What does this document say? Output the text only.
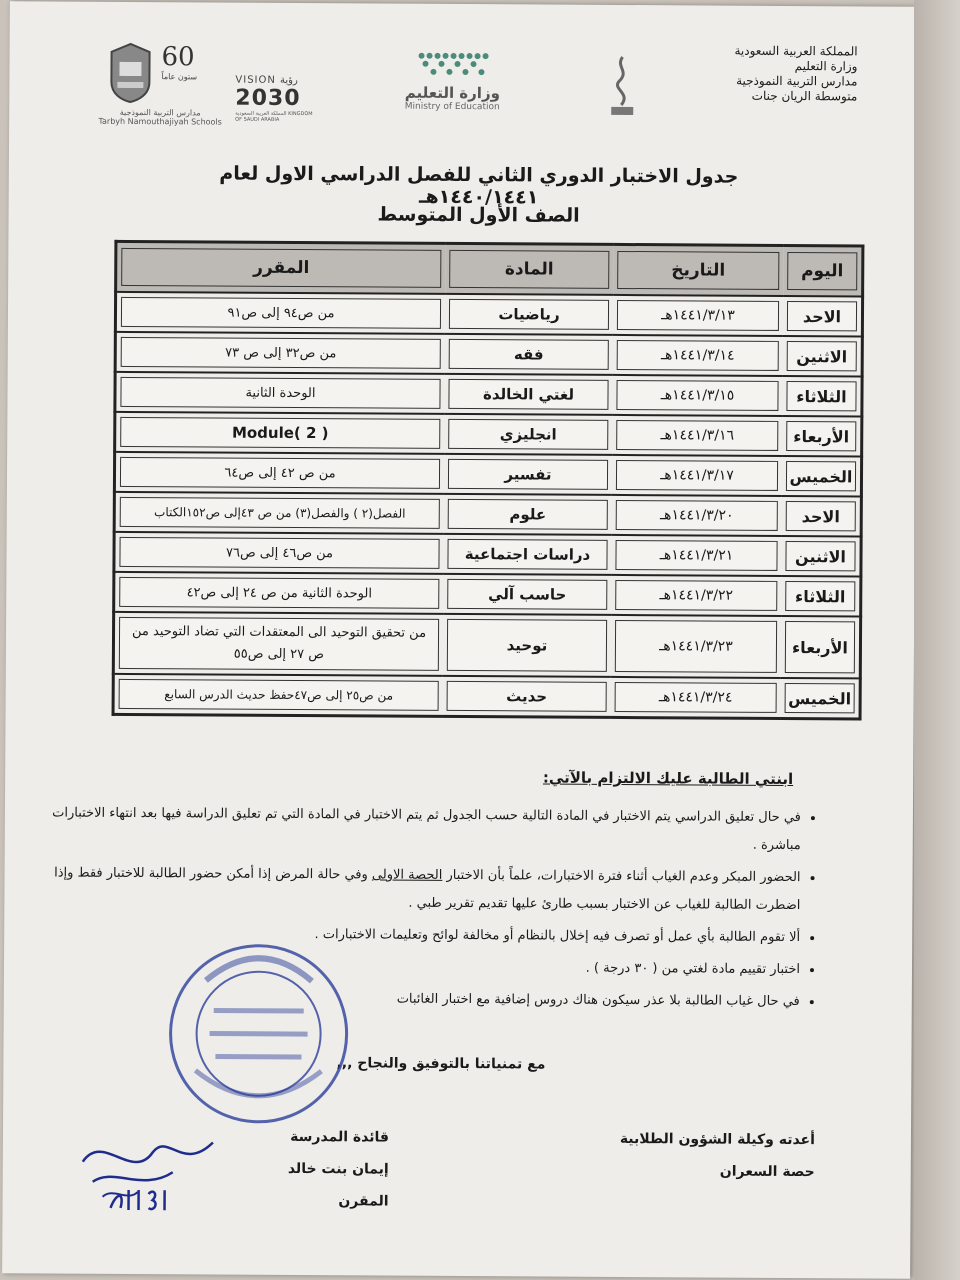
المملكة العربية السعودية
وزارة التعليم
مدارس التربية النموذجية
متوسطة الريان جنات
وزارة التعليم
Ministry of Education
VISION رؤية
2030
المملكة العربية السعودية KINGDOM OF SAUDI ARABIA
60
ستون عاماً
مدارس التربية النموذجية
Tarbyh Namouthajiyah Schools
جدول الاختبار الدوري الثاني للفصل الدراسي الاول لعام ١٤٤٠/١٤٤١هـ
الصف الأول المتوسط
اليوم	التاريخ	المادة	المقرر

الاحد	١٤٤١/٣/١٣هـ	رياضيات	من ص٩٤ إلى ص٩١

الاثنين	١٤٤١/٣/١٤هـ	فقه	من ص٣٢ إلى ص ٧٣

الثلاثاء	١٤٤١/٣/١٥هـ	لغتي الخالدة	الوحدة الثانية

الأربعاء	١٤٤١/٣/١٦هـ	انجليزي	Module( 2 )

الخميس	١٤٤١/٣/١٧هـ	تفسير	من ص ٤٢ إلى ص٦٤

الاحد	١٤٤١/٣/٢٠هـ	علوم	الفصل(٢ ) والفصل(٣) من ص ٤٣إلى ص١٥٢الكتاب

الاثنين	١٤٤١/٣/٢١هـ	دراسات اجتماعية	من ص٤٦ إلى ص٧٦

الثلاثاء	١٤٤١/٣/٢٢هـ	حاسب آلي	الوحدة الثانية من ص ٢٤ إلى ص٤٢

الأربعاء	١٤٤١/٣/٢٣هـ	توحيد	من تحقيق التوحيد الى المعتقدات التي تضاد التوحيد من ص ٢٧ إلى ص٥٥

الخميس	١٤٤١/٣/٢٤هـ	حديث	من ص٢٥ إلى ص٤٧حفظ حديث الدرس السابع
ابنتي الطالبة عليك الالتزام بالآتي:
• في حال تعليق الدراسي يتم الاختبار في المادة التالية حسب الجدول ثم يتم الاختبار في المادة التي تم تعليق الدراسة فيها بعد انتهاء الاختبارات مباشرة .
• الحضور المبكر وعدم الغياب أثناء فترة الاختبارات، علماً بأن الاختبار الحصة الاولى وفي حالة المرض إذا أمكن حضور الطالبة للاختبار فقط وإذا اضطرت الطالبة للغياب عن الاختبار بسبب طارئ عليها تقديم تقرير طبي .
• ألا تقوم الطالبة بأي عمل أو تصرف فيه إخلال بالنظام أو مخالفة لوائح وتعليمات الاختبارات .
• اختبار تقييم مادة لغتي من ( ٣٠ درجة ) .
• في حال غياب الطالبة بلا عذر سيكون هناك دروس إضافية مع اختبار الغائبات
مع تمنياتنا بالتوفيق والنجاح ,,,
أعدته وكيلة الشؤون الطلابية
حصة السعران
قائدة المدرسة
إيمان بنت خالد المقرن
